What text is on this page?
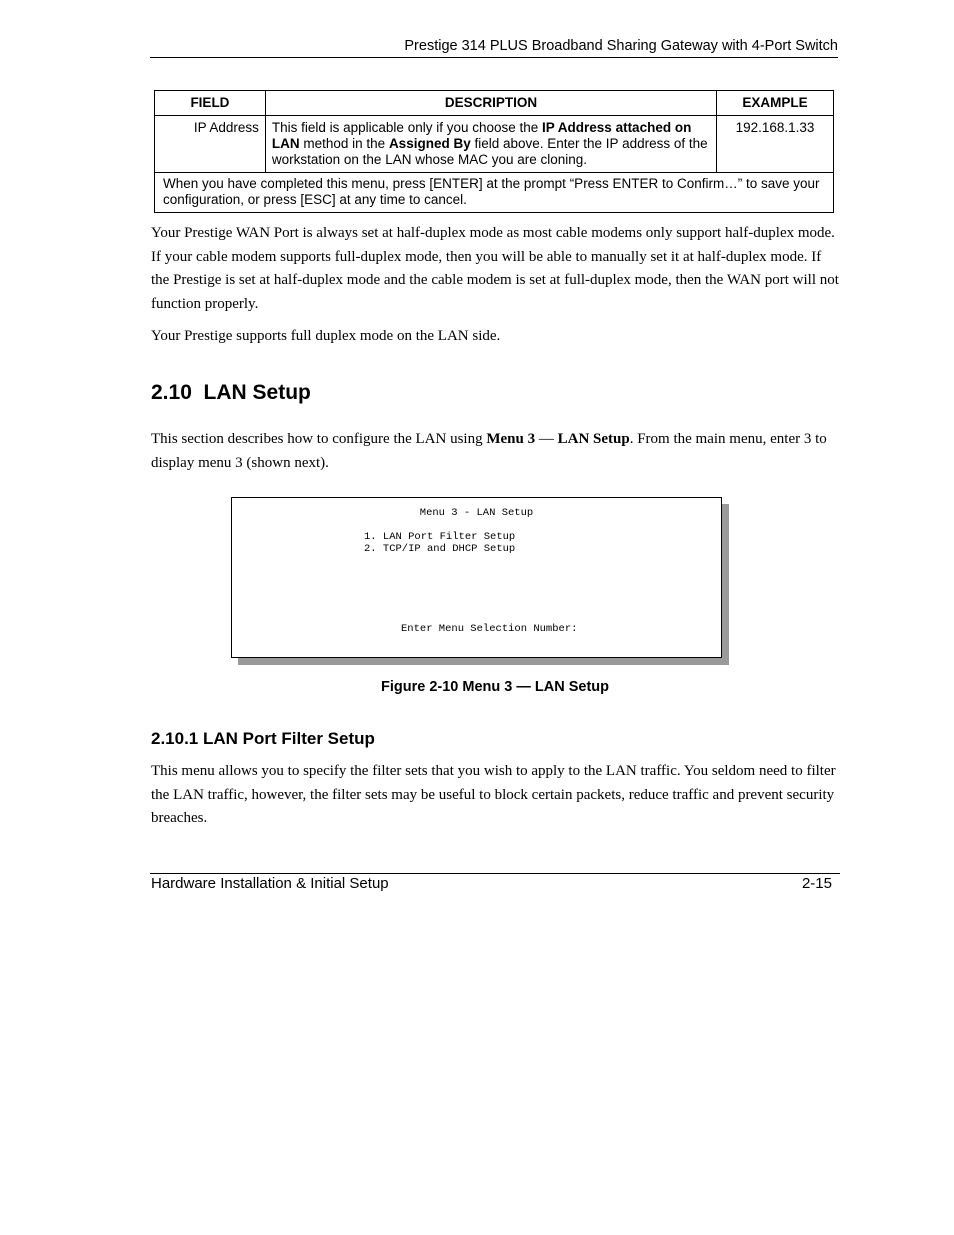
Prestige 314 PLUS Broadband Sharing Gateway with 4-Port Switch
FIELD	DESCRIPTION	EXAMPLE
IP Address	This field is applicable only if you choose the IP Address attached on LAN method in the Assigned By field above. Enter the IP address of the workstation on the LAN whose MAC you are cloning.	192.168.1.33
When you have completed this menu, press [ENTER] at the prompt “Press ENTER to Confirm…” to save your configuration, or press [ESC] at any time to cancel.		
Your Prestige WAN Port is always set at half-duplex mode as most cable modems only support half-duplex mode. If your cable modem supports full-duplex mode, then you will be able to manually set it at half-duplex mode. If the Prestige is set at half-duplex mode and the cable modem is set at full-duplex mode, then the WAN port will not function properly.
Your Prestige supports full duplex mode on the LAN side.
2.10  LAN Setup
This section describes how to configure the LAN using Menu 3 — LAN Setup. From the main menu, enter 3 to display menu 3 (shown next).
Menu 3 - LAN Setup
1. LAN Port Filter Setup
2. TCP/IP and DHCP Setup
Enter Menu Selection Number:
Figure 2-10 Menu 3 — LAN Setup
2.10.1 LAN Port Filter Setup
This menu allows you to specify the filter sets that you wish to apply to the LAN traffic. You seldom need to filter the LAN traffic, however, the filter sets may be useful to block certain packets, reduce traffic and prevent security breaches.
Hardware Installation & Initial Setup	2-15
